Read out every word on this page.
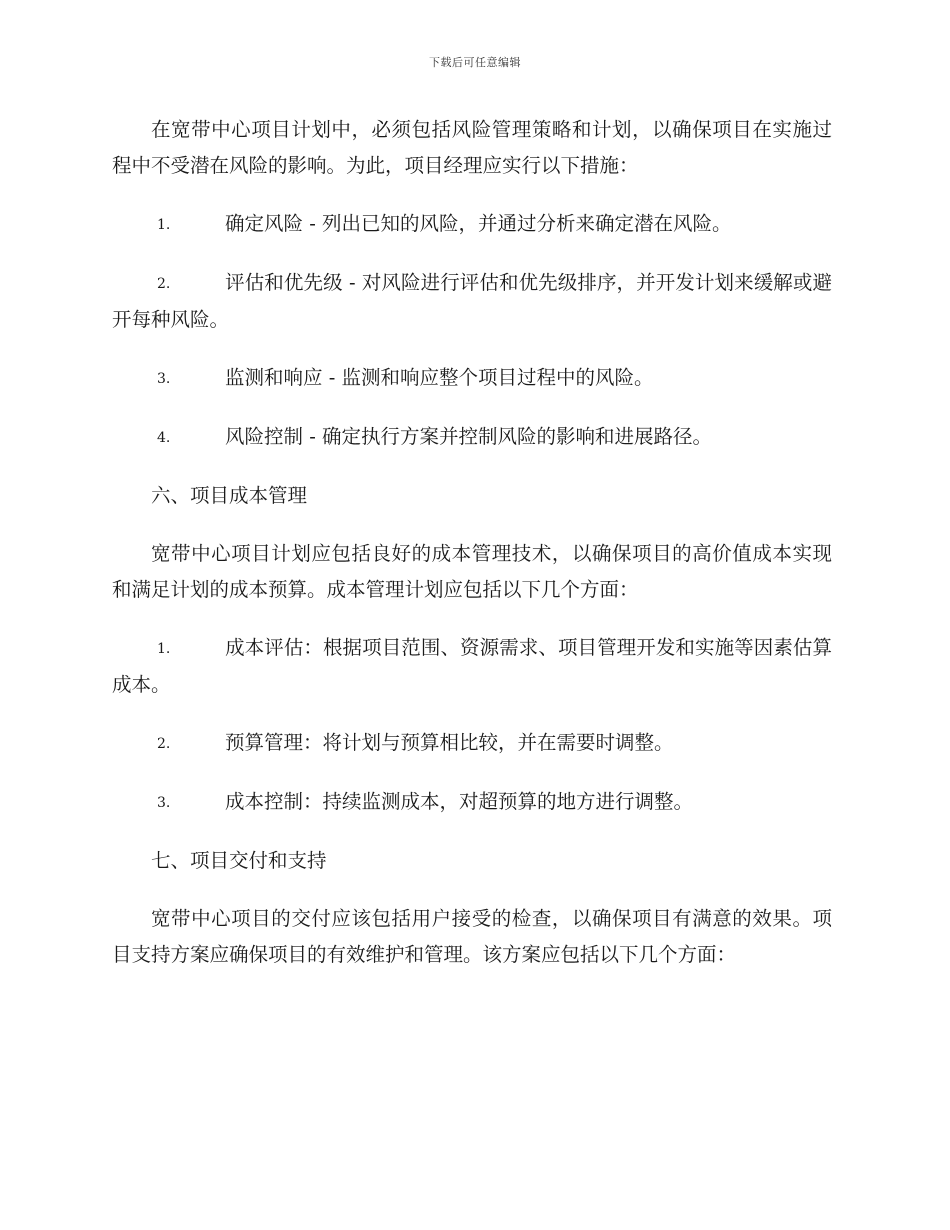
下载后可任意编辑

在宽带中心项目计划中，必须包括风险管理策略和计划，以确保项目在实施过程中不受潜在风险的影响。为此，项目经理应实行以下措施：

1.	确定风险 - 列出已知的风险，并通过分析来确定潜在风险。
2.	评估和优先级 - 对风险进行评估和优先级排序，并开发计划来缓解或避开每种风险。
3.	监测和响应 - 监测和响应整个项目过程中的风险。
4.	风险控制 - 确定执行方案并控制风险的影响和进展路径。
六、项目成本管理

宽带中心项目计划应包括良好的成本管理技术，以确保项目的高价值成本实现和满足计划的成本预算。成本管理计划应包括以下几个方面：

1.	成本评估：根据项目范围、资源需求、项目管理开发和实施等因素估算成本。
2.	预算管理：将计划与预算相比较，并在需要时调整。
3.	成本控制：持续监测成本，对超预算的地方进行调整。
七、项目交付和支持

宽带中心项目的交付应该包括用户接受的检查，以确保项目有满意的效果。项目支持方案应确保项目的有效维护和管理。该方案应包括以下几个方面：
